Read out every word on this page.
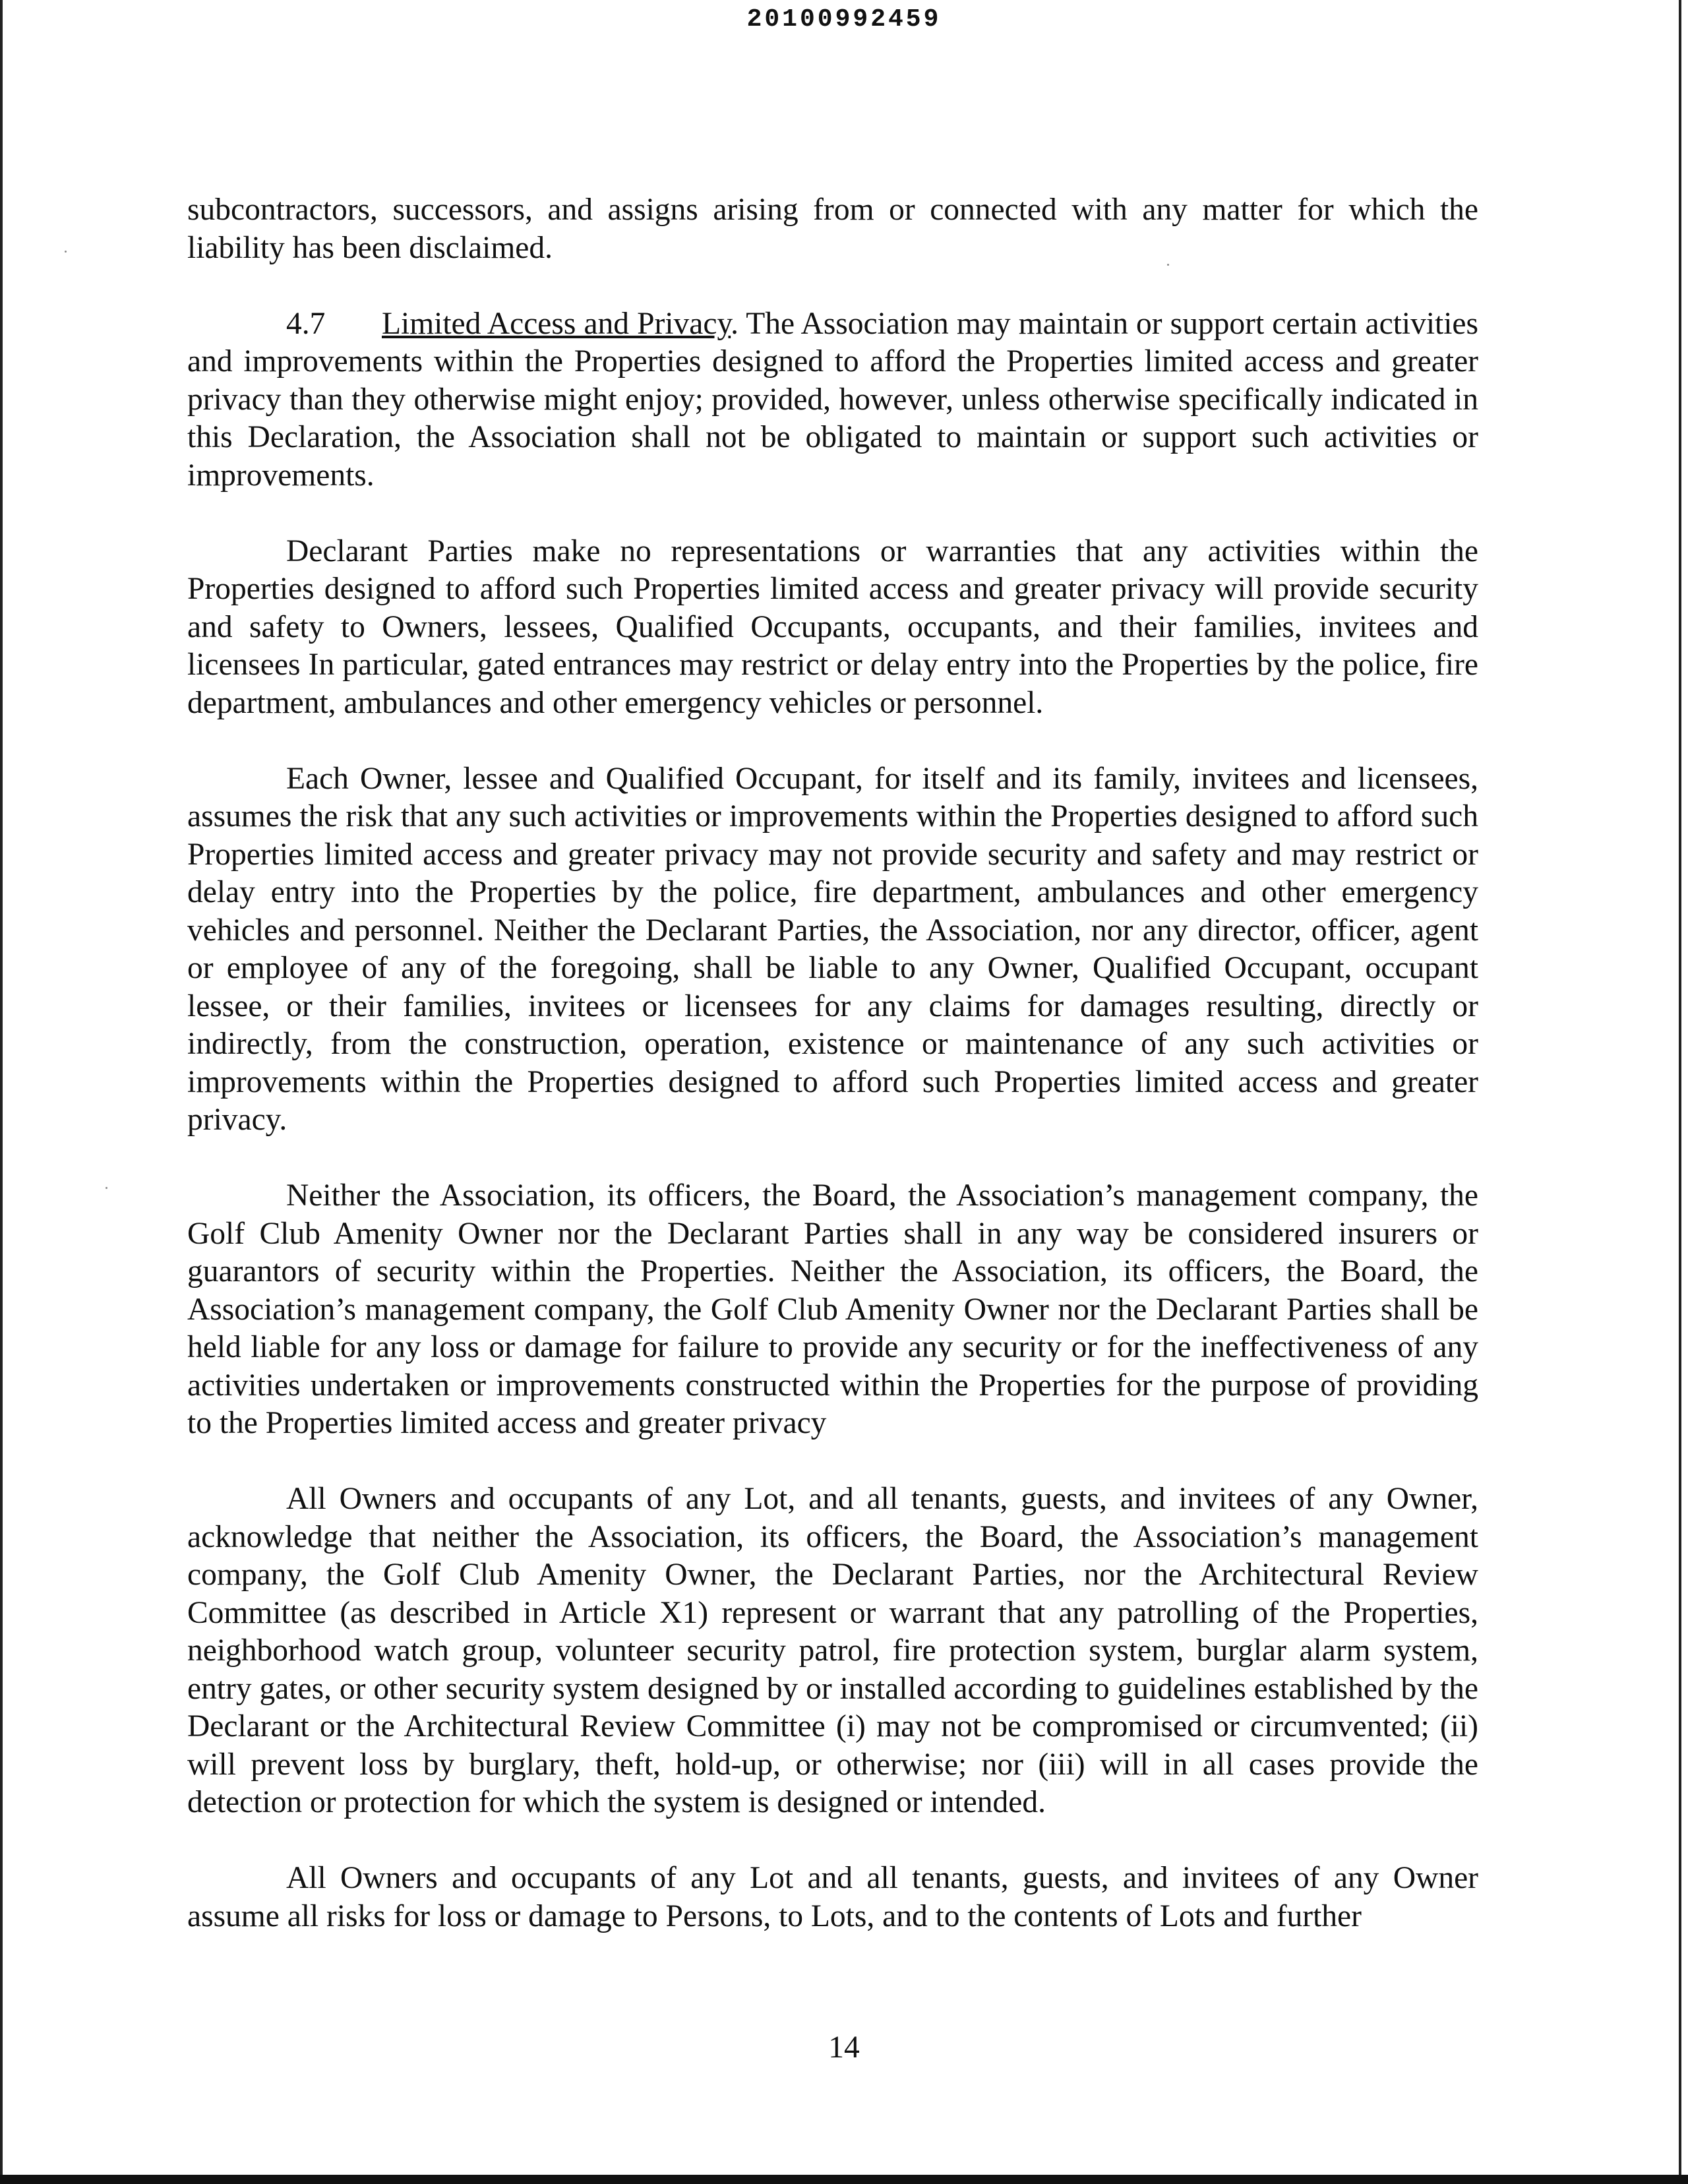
20100992459

subcontractors, successors, and assigns arising from or connected with any matter for which the liability has been disclaimed.

4.7 Limited Access and Privacy. The Association may maintain or support certain activities and improvements within the Properties designed to afford the Properties limited access and greater privacy than they otherwise might enjoy; provided, however, unless otherwise specifically indicated in this Declaration, the Association shall not be obligated to maintain or support such activities or improvements.

Declarant Parties make no representations or warranties that any activities within the Properties designed to afford such Properties limited access and greater privacy will provide security and safety to Owners, lessees, Qualified Occupants, occupants, and their families, invitees and licensees In particular, gated entrances may restrict or delay entry into the Properties by the police, fire department, ambulances and other emergency vehicles or personnel.

Each Owner, lessee and Qualified Occupant, for itself and its family, invitees and licensees, assumes the risk that any such activities or improvements within the Properties designed to afford such Properties limited access and greater privacy may not provide security and safety and may restrict or delay entry into the Properties by the police, fire department, ambulances and other emergency vehicles and personnel. Neither the Declarant Parties, the Association, nor any director, officer, agent or employee of any of the foregoing, shall be liable to any Owner, Qualified Occupant, occupant lessee, or their families, invitees or licensees for any claims for damages resulting, directly or indirectly, from the construction, operation, existence or maintenance of any such activities or improvements within the Properties designed to afford such Properties limited access and greater privacy.

Neither the Association, its officers, the Board, the Association’s management company, the Golf Club Amenity Owner nor the Declarant Parties shall in any way be considered insurers or guarantors of security within the Properties. Neither the Association, its officers, the Board, the Association’s management company, the Golf Club Amenity Owner nor the Declarant Parties shall be held liable for any loss or damage for failure to provide any security or for the ineffectiveness of any activities undertaken or improvements constructed within the Properties for the purpose of providing to the Properties limited access and greater privacy

All Owners and occupants of any Lot, and all tenants, guests, and invitees of any Owner, acknowledge that neither the Association, its officers, the Board, the Association’s management company, the Golf Club Amenity Owner, the Declarant Parties, nor the Architectural Review Committee (as described in Article X1) represent or warrant that any patrolling of the Properties, neighborhood watch group, volunteer security patrol, fire protection system, burglar alarm system, entry gates, or other security system designed by or installed according to guidelines established by the Declarant or the Architectural Review Committee (i) may not be compromised or circumvented; (ii) will prevent loss by burglary, theft, hold-up, or otherwise; nor (iii) will in all cases provide the detection or protection for which the system is designed or intended.

All Owners and occupants of any Lot and all tenants, guests, and invitees of any Owner assume all risks for loss or damage to Persons, to Lots, and to the contents of Lots and further

14
